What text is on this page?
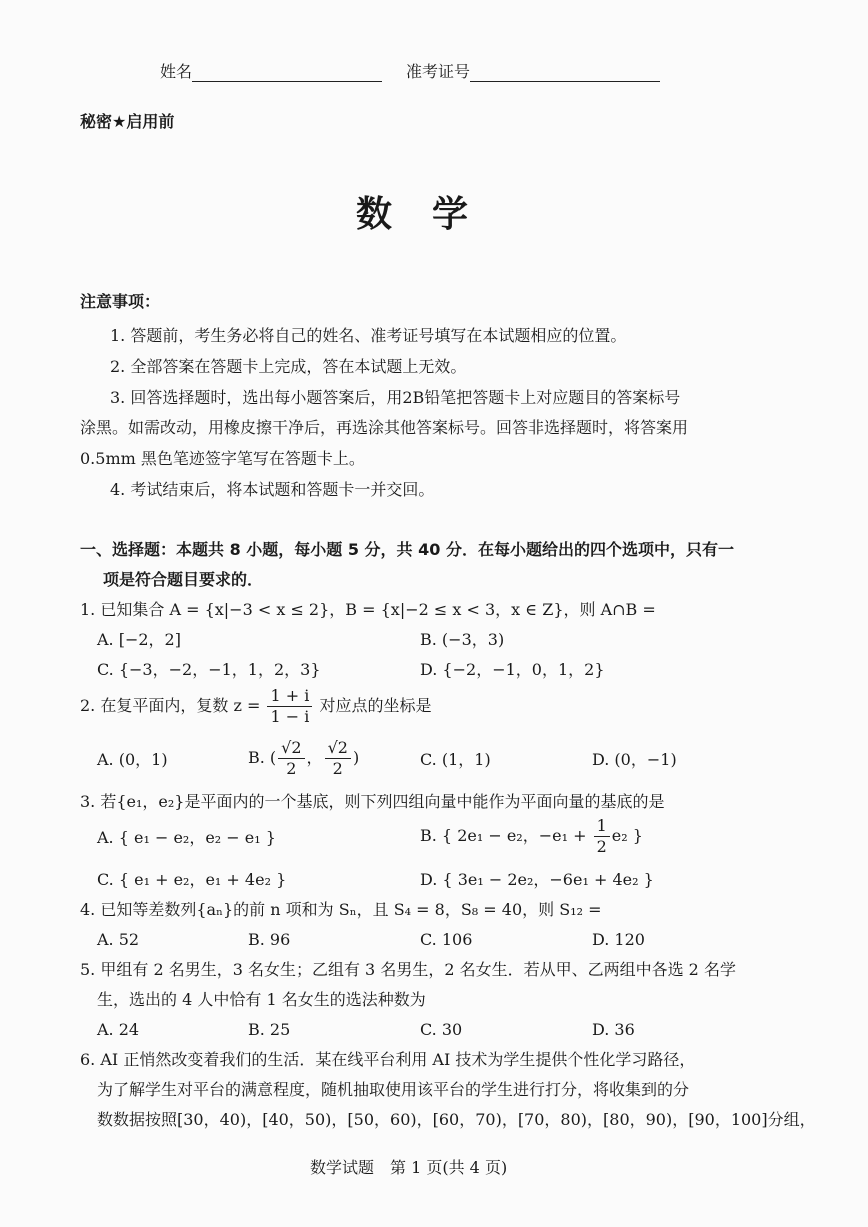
姓名	准考证号
秘密★启用前
数学
注意事项：
1. 答题前，考生务必将自己的姓名、准考证号填写在本试题相应的位置。
2. 全部答案在答题卡上完成，答在本试题上无效。
3. 回答选择题时，选出每小题答案后，用2B铅笔把答题卡上对应题目的答案标号
涂黑。如需改动，用橡皮擦干净后，再选涂其他答案标号。回答非选择题时，将答案用
0.5mm 黑色笔迹签字笔写在答题卡上。
4. 考试结束后，将本试题和答题卡一并交回。
一、选择题：本题共 8 小题，每小题 5 分，共 40 分．在每小题给出的四个选项中，只有一
项是符合题目要求的．
1. 已知集合 A = {x|−3 < x ≤ 2}，B = {x|−2 ≤ x < 3，x ∈ Z}，则 A∩B =
A. [−2，2]	B. (−3，3)
C. {−3，−2，−1，1，2，3}	D. {−2，−1，0，1，2}
2. 在复平面内，复数 $z = \frac{1 + i}{1 - i}$ 对应点的坐标是
A. (0，1)	B. ( $\frac{√2}{2}$ ， $\frac{√2}{2}$ )	C. (1，1)	D. (0，−1)
3. 若{e₁，e₂}是平面内的一个基底，则下列四组向量中能作为平面向量的基底的是
A. { e₁ − e₂，e₂ − e₁ }	B. { 2e₁ − e₂，$-e_1 + \frac{1}{2} e_2$ }
C. { e₁ + e₂，e₁ + 4e₂ }	D. { 3e₁ − 2e₂，−6e₁ + 4e₂ }
4. 已知等差数列{aₙ}的前 n 项和为 Sₙ，且 S₄ = 8，S₈ = 40，则 S₁₂ =
A. 52	B. 96	C. 106	D. 120
5. 甲组有 2 名男生，3 名女生；乙组有 3 名男生，2 名女生．若从甲、乙两组中各选 2 名学
生，选出的 4 人中恰有 1 名女生的选法种数为
A. 24	B. 25	C. 30	D. 36
6. AI 正悄然改变着我们的生活．某在线平台利用 AI 技术为学生提供个性化学习路径，
为了解学生对平台的满意程度，随机抽取使用该平台的学生进行打分，将收集到的分
数数据按照[30，40)，[40，50)，[50，60)，[60，70)，[70，80)，[80，90)，[90，100]分组，
数学试题　第 1 页(共 4 页)
